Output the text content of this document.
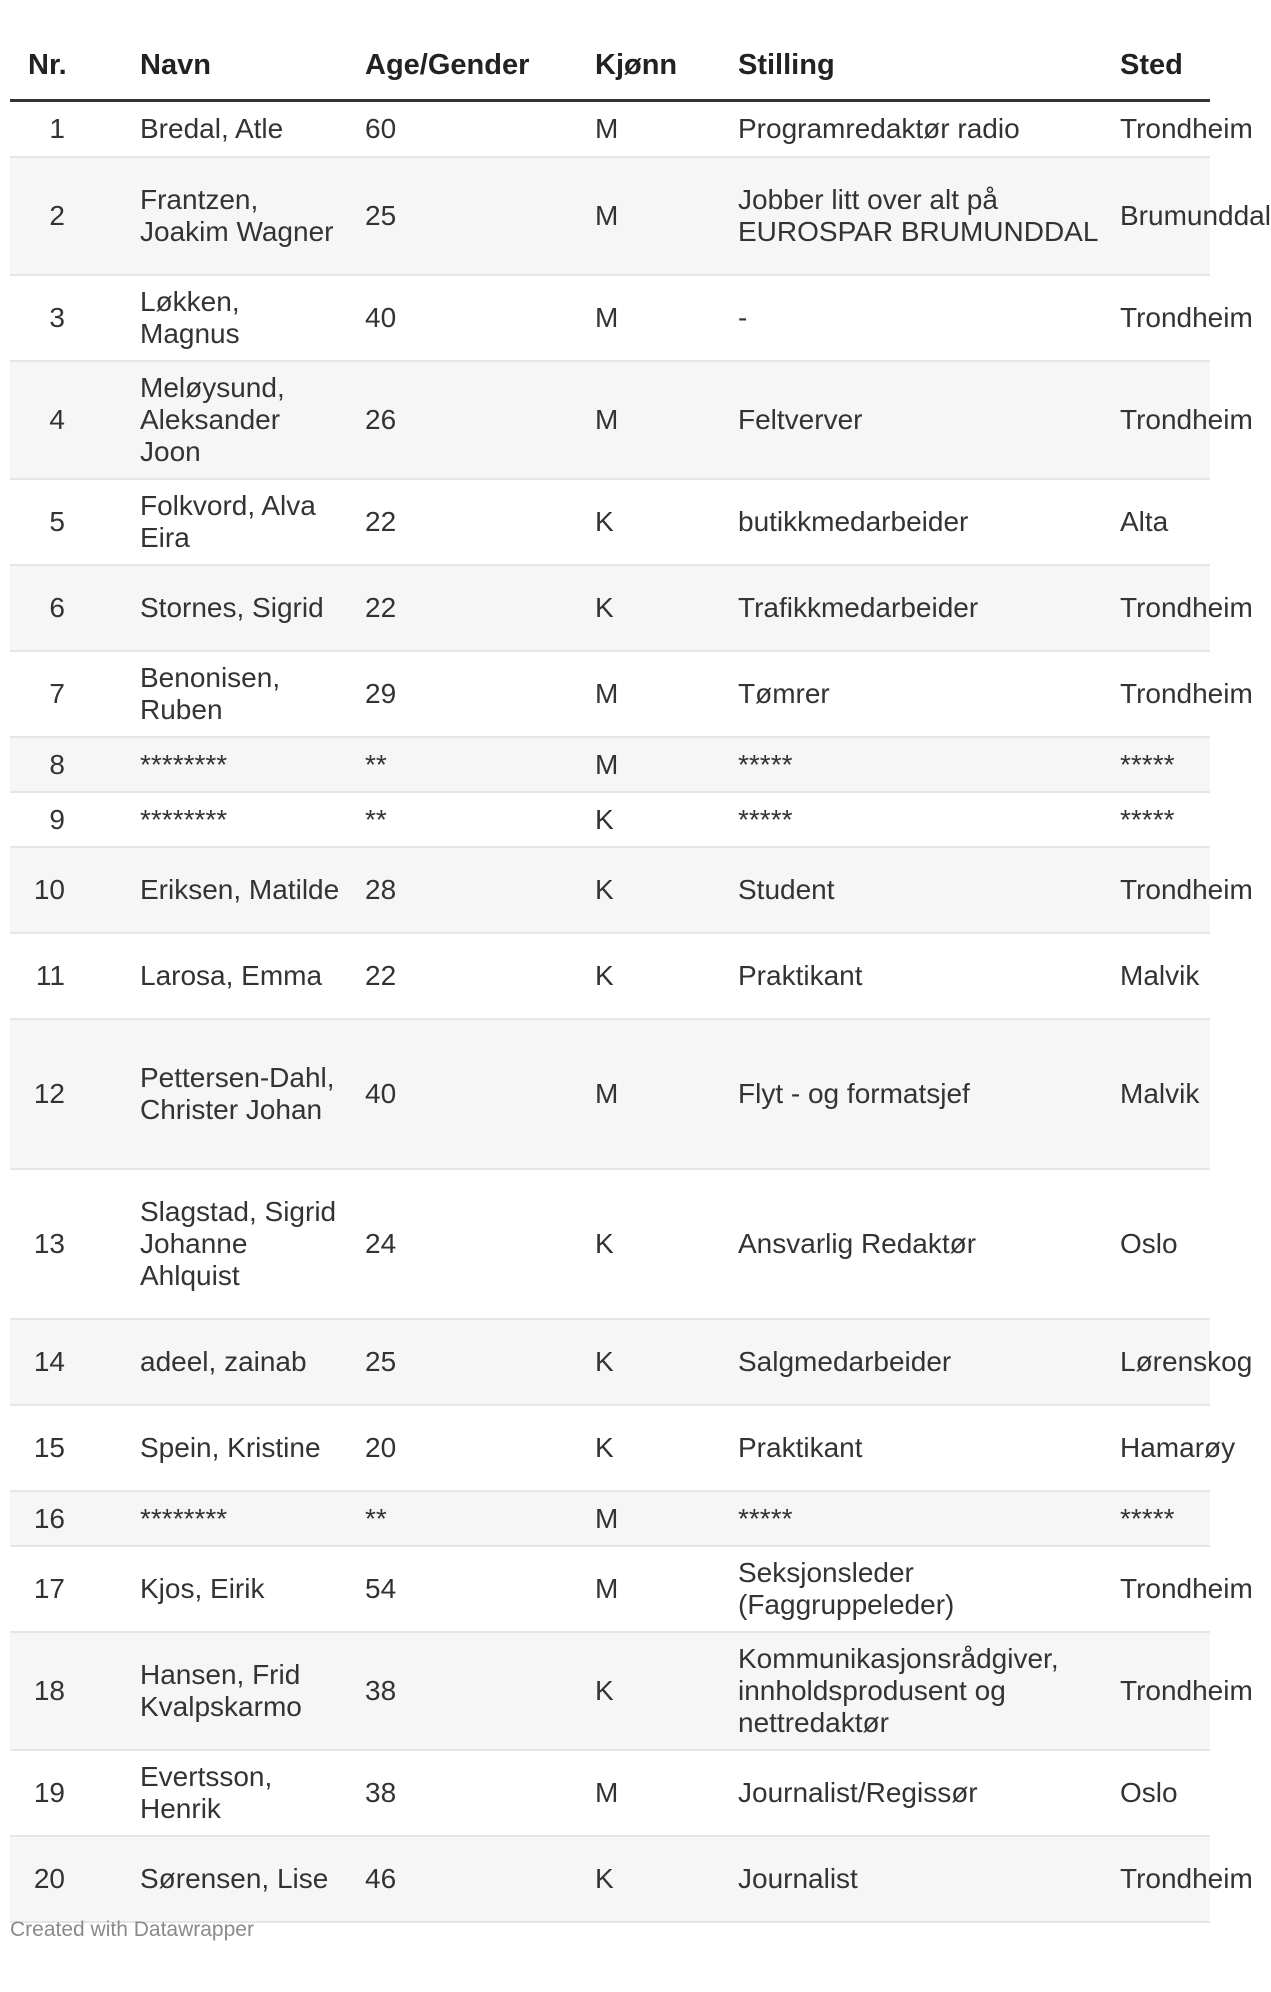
Nr.	Navn	Age/Gender	Kjønn	Stilling	Sted
1	Bredal, Atle	60	M	Programredaktør radio	Trondheim
2	Frantzen, Joakim Wagner	25	M	Jobber litt over alt på EUROSPAR BRUMUNDDAL	Brumunddal
3	Løkken, Magnus	40	M	-	Trondheim
4	Meløysund, Aleksander Joon	26	M	Feltverver	Trondheim
5	Folkvord, Alva Eira	22	K	butikkmedarbeider	Alta
6	Stornes, Sigrid	22	K	Trafikkmedarbeider	Trondheim
7	Benonisen, Ruben	29	M	Tømrer	Trondheim
8	********	**	M	*****	*****
9	********	**	K	*****	*****
10	Eriksen, Matilde	28	K	Student	Trondheim
11	Larosa, Emma	22	K	Praktikant	Malvik
12	Pettersen-Dahl, Christer Johan	40	M	Flyt - og formatsjef	Malvik
13	Slagstad, Sigrid Johanne Ahlquist	24	K	Ansvarlig Redaktør	Oslo
14	adeel, zainab	25	K	Salgmedarbeider	Lørenskog
15	Spein, Kristine	20	K	Praktikant	Hamarøy
16	********	**	M	*****	*****
17	Kjos, Eirik	54	M	Seksjonsleder (Faggruppeleder)	Trondheim
18	Hansen, Frid Kvalpskarmo	38	K	Kommunikasjonsrådgiver, innholdsprodusent og nettredaktør	Trondheim
19	Evertsson, Henrik	38	M	Journalist/Regissør	Oslo
20	Sørensen, Lise	46	K	Journalist	Trondheim
Created with Datawrapper
